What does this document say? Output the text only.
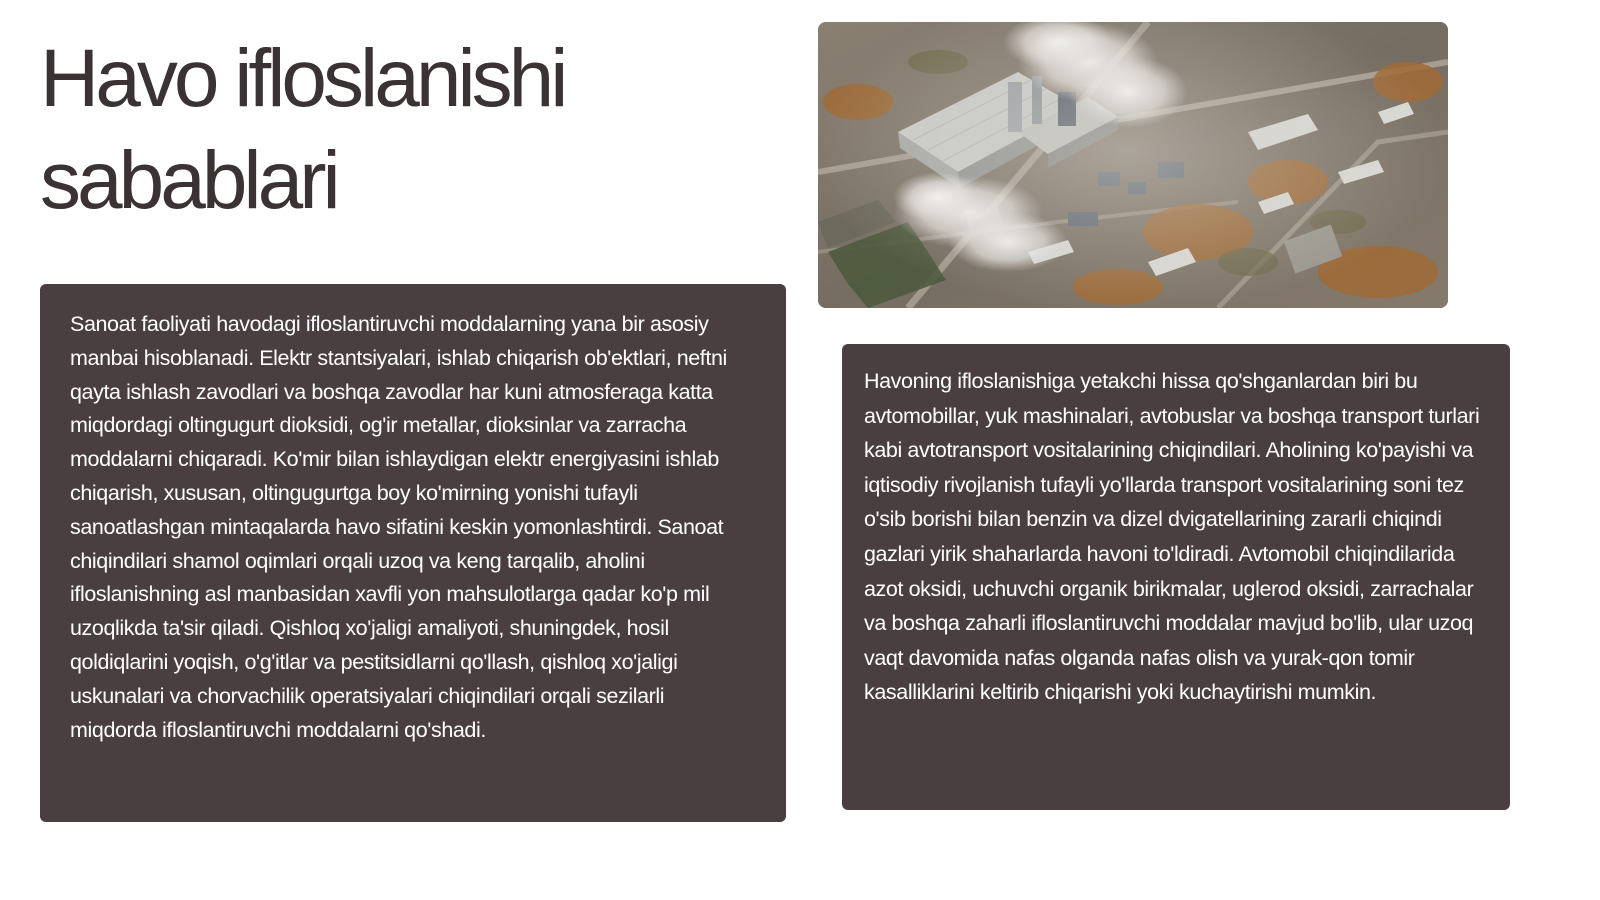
Havo ifloslanishi
sabablari

Sanoat faoliyati havodagi ifloslantiruvchi moddalarning yana bir asosiy manbai hisoblanadi. Elektr stantsiyalari, ishlab chiqarish ob'ektlari, neftni qayta ishlash zavodlari va boshqa zavodlar har kuni atmosferaga katta miqdordagi oltingugurt dioksidi, og'ir metallar, dioksinlar va zarracha moddalarni chiqaradi. Ko'mir bilan ishlaydigan elektr energiyasini ishlab chiqarish, xususan, oltingugurtga boy ko'mirning yonishi tufayli sanoatlashgan mintaqalarda havo sifatini keskin yomonlashtirdi. Sanoat chiqindilari shamol oqimlari orqali uzoq va keng tarqalib, aholini ifloslanishning asl manbasidan xavfli yon mahsulotlarga qadar ko'p mil uzoqlikda ta'sir qiladi. Qishloq xo'jaligi amaliyoti, shuningdek, hosil qoldiqlarini yoqish, o'g'itlar va pestitsidlarni qo'llash, qishloq xo'jaligi uskunalari va chorvachilik operatsiyalari chiqindilari orqali sezilarli miqdorda ifloslantiruvchi moddalarni qo'shadi.

Havoning ifloslanishiga yetakchi hissa qo'shganlardan biri bu avtomobillar, yuk mashinalari, avtobuslar va boshqa transport turlari kabi avtotransport vositalarining chiqindilari. Aholining ko'payishi va iqtisodiy rivojlanish tufayli yo'llarda transport vositalarining soni tez o'sib borishi bilan benzin va dizel dvigatellarining zararli chiqindi gazlari yirik shaharlarda havoni to'ldiradi. Avtomobil chiqindilarida azot oksidi, uchuvchi organik birikmalar, uglerod oksidi, zarrachalar va boshqa zaharli ifloslantiruvchi moddalar mavjud bo'lib, ular uzoq vaqt davomida nafas olganda nafas olish va yurak-qon tomir kasalliklarini keltirib chiqarishi yoki kuchaytirishi mumkin.
